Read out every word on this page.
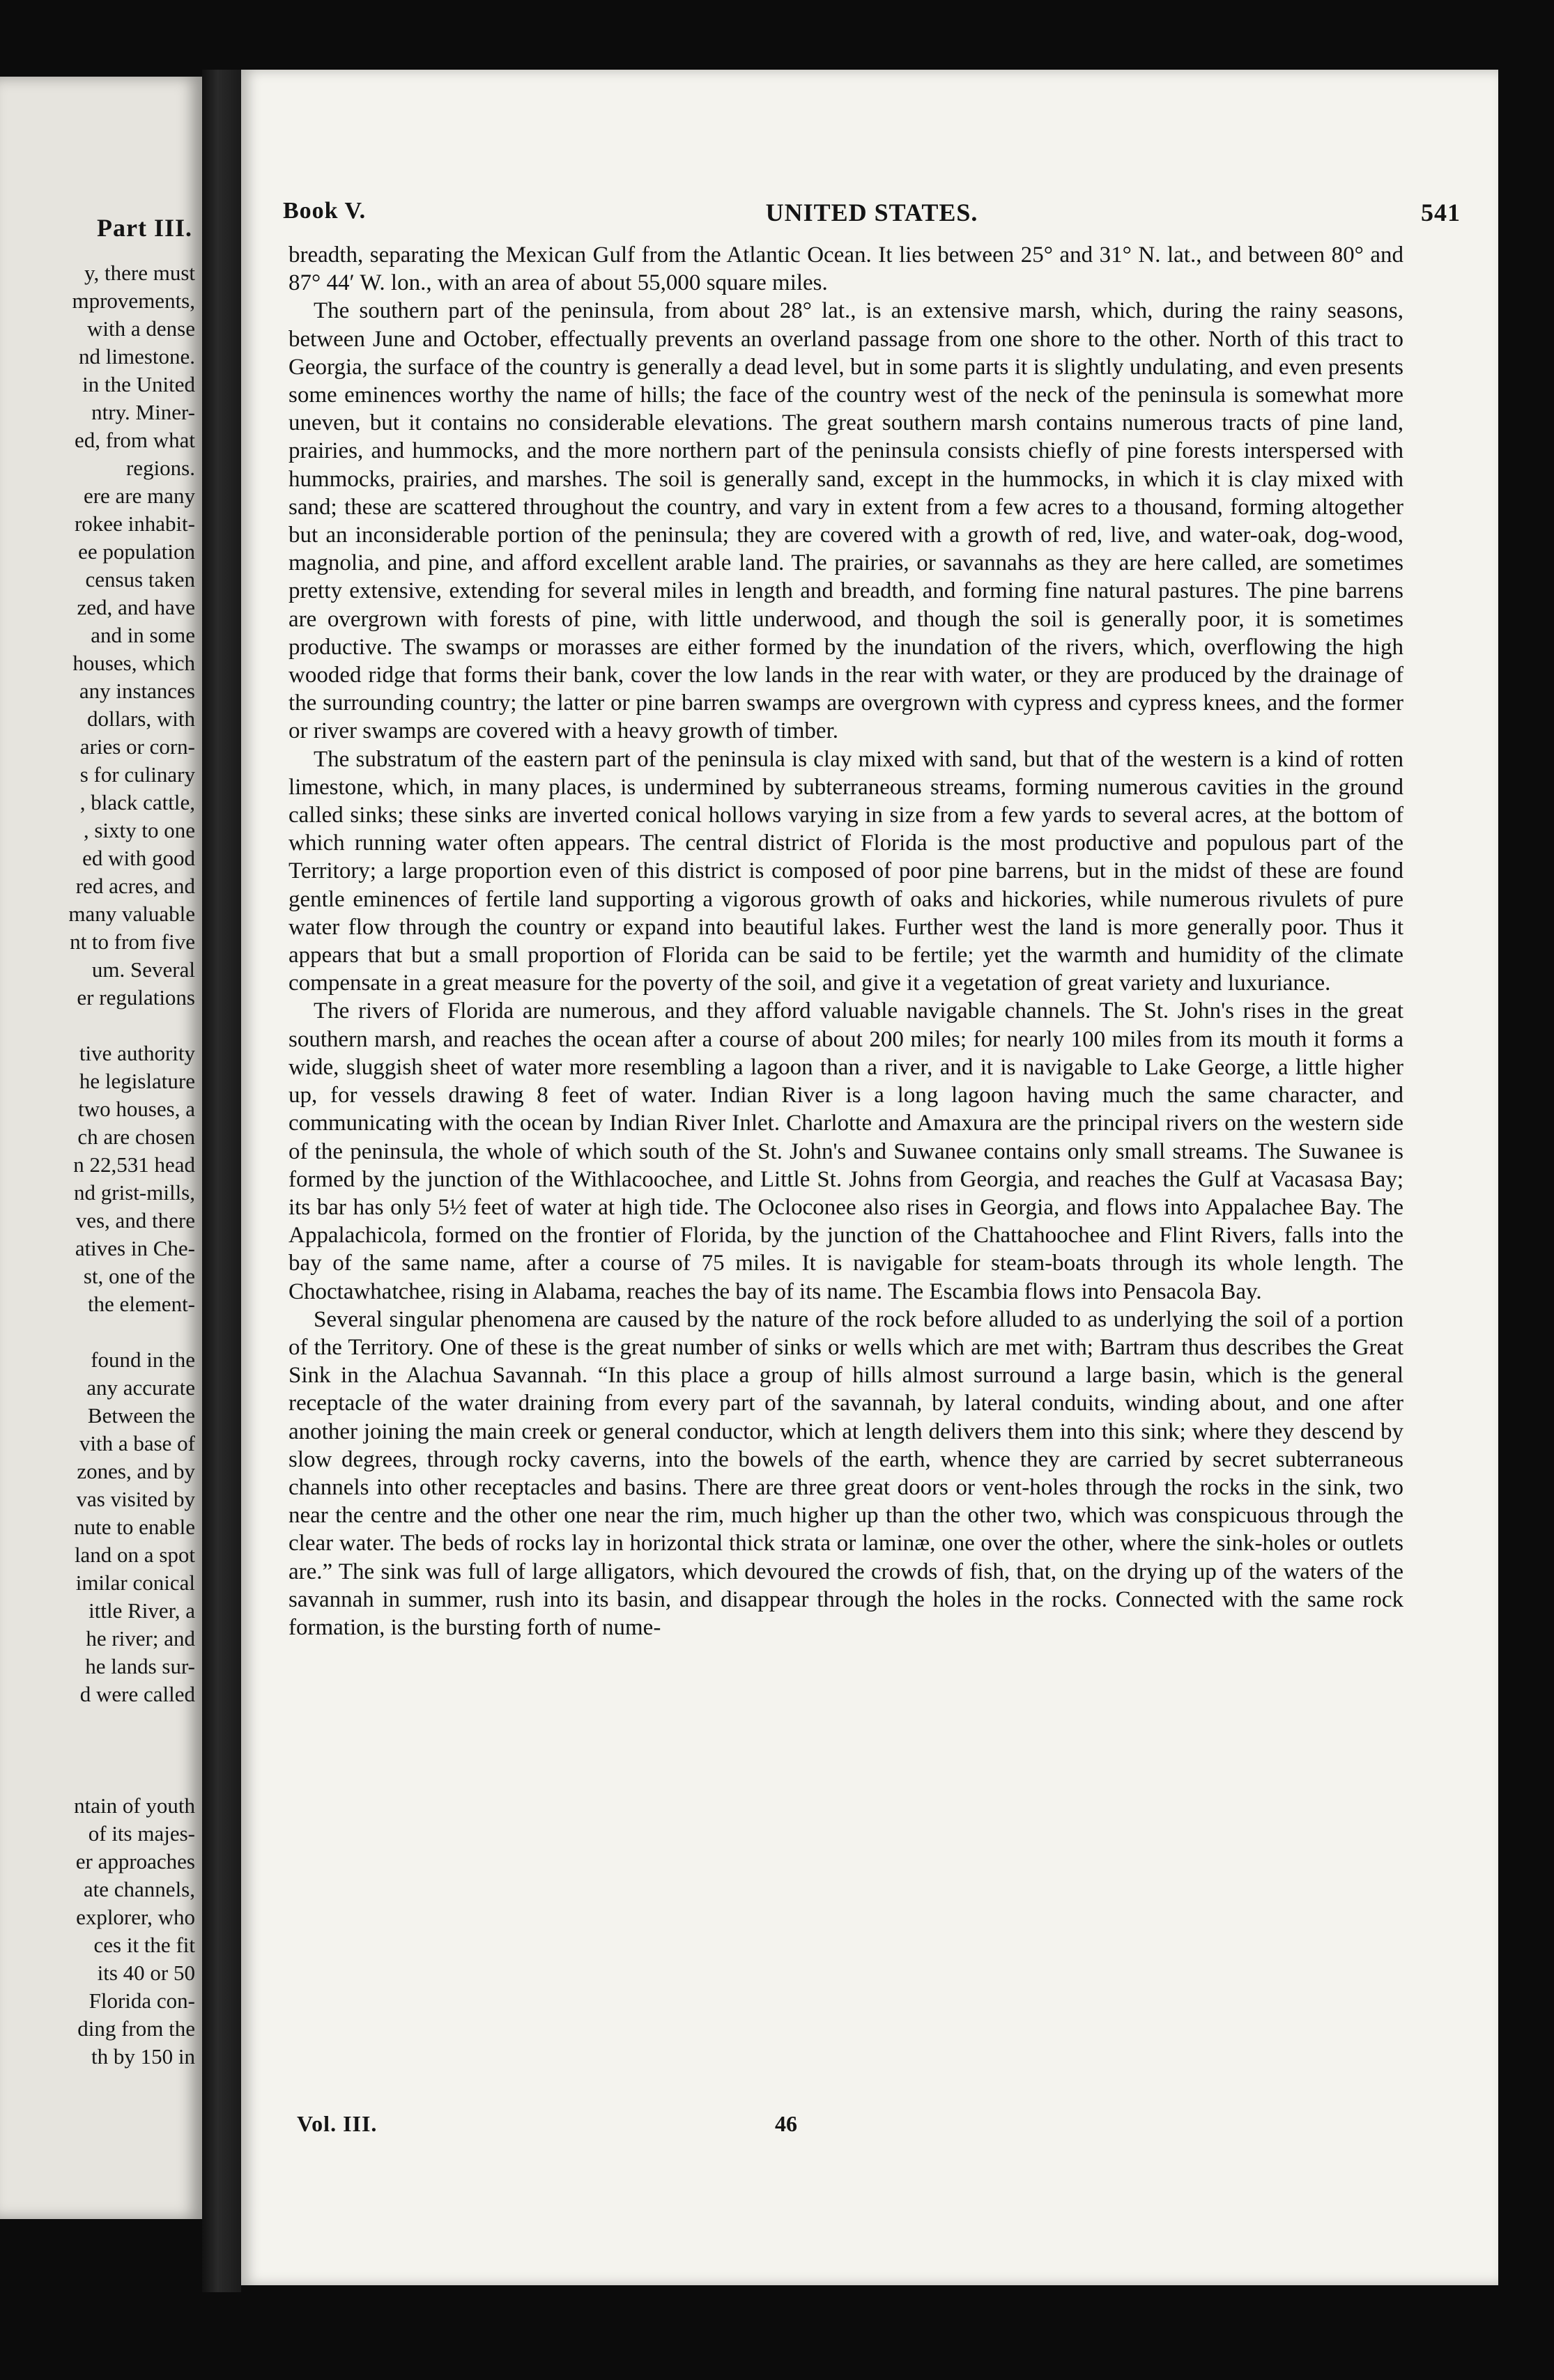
Part III.
y, there must
mprovements,
with a dense
nd limestone.
in the United
ntry. Miner-
ed, from what
regions.
ere are many
rokee inhabit-
ee population
census taken
zed, and have
and in some
houses, which
any instances
dollars, with
aries or corn-
s for culinary
, black cattle,
, sixty to one
ed with good
red acres, and
many valuable
nt to from five
um. Several
er regulations
tive authority
he legislature
two houses, a
ch are chosen
n 22,531 head
nd grist-mills,
ves, and there
atives in Che-
st, one of the
the element-
found in the
any accurate
Between the
vith a base of
zones, and by
vas visited by
nute to enable
land on a spot
imilar conical
ittle River, a
he river; and
he lands sur-
d were called
ntain of youth
of its majes-
er approaches
ate channels,
explorer, who
ces it the fit
its 40 or 50
Florida con-
ding from the
th by 150 in
Book V.	UNITED STATES.	541

breadth, separating the Mexican Gulf from the Atlantic Ocean. It lies between 25° and 31° N. lat., and between 80° and 87° 44′ W. lon., with an area of about 55,000 square miles.

The southern part of the peninsula, from about 28° lat., is an extensive marsh, which, during the rainy seasons, between June and October, effectually prevents an overland passage from one shore to the other. North of this tract to Georgia, the surface of the country is generally a dead level, but in some parts it is slightly undulating, and even presents some eminences worthy the name of hills; the face of the country west of the neck of the peninsula is somewhat more uneven, but it contains no considerable elevations. The great southern marsh contains numerous tracts of pine land, prairies, and hummocks, and the more northern part of the peninsula consists chiefly of pine forests interspersed with hummocks, prairies, and marshes. The soil is generally sand, except in the hummocks, in which it is clay mixed with sand; these are scattered throughout the country, and vary in extent from a few acres to a thousand, forming altogether but an inconsiderable portion of the peninsula; they are covered with a growth of red, live, and water-oak, dog-wood, magnolia, and pine, and afford excellent arable land. The prairies, or savannahs as they are here called, are sometimes pretty extensive, extending for several miles in length and breadth, and forming fine natural pastures. The pine barrens are overgrown with forests of pine, with little underwood, and though the soil is generally poor, it is sometimes productive. The swamps or morasses are either formed by the inundation of the rivers, which, overflowing the high wooded ridge that forms their bank, cover the low lands in the rear with water, or they are produced by the drainage of the surrounding country; the latter or pine barren swamps are overgrown with cypress and cypress knees, and the former or river swamps are covered with a heavy growth of timber.

The substratum of the eastern part of the peninsula is clay mixed with sand, but that of the western is a kind of rotten limestone, which, in many places, is undermined by subterraneous streams, forming numerous cavities in the ground called sinks; these sinks are inverted conical hollows varying in size from a few yards to several acres, at the bottom of which running water often appears. The central district of Florida is the most productive and populous part of the Territory; a large proportion even of this district is composed of poor pine barrens, but in the midst of these are found gentle eminences of fertile land supporting a vigorous growth of oaks and hickories, while numerous rivulets of pure water flow through the country or expand into beautiful lakes. Further west the land is more generally poor. Thus it appears that but a small proportion of Florida can be said to be fertile; yet the warmth and humidity of the climate compensate in a great measure for the poverty of the soil, and give it a vegetation of great variety and luxuriance.

The rivers of Florida are numerous, and they afford valuable navigable channels. The St. John's rises in the great southern marsh, and reaches the ocean after a course of about 200 miles; for nearly 100 miles from its mouth it forms a wide, sluggish sheet of water more resembling a lagoon than a river, and it is navigable to Lake George, a little higher up, for vessels drawing 8 feet of water. Indian River is a long lagoon having much the same character, and communicating with the ocean by Indian River Inlet. Charlotte and Amaxura are the principal rivers on the western side of the peninsula, the whole of which south of the St. John's and Suwanee contains only small streams. The Suwanee is formed by the junction of the Withlacoochee, and Little St. Johns from Georgia, and reaches the Gulf at Vacasasa Bay; its bar has only 5½ feet of water at high tide. The Ocloconee also rises in Georgia, and flows into Appalachee Bay. The Appalachicola, formed on the frontier of Florida, by the junction of the Chattahoochee and Flint Rivers, falls into the bay of the same name, after a course of 75 miles. It is navigable for steam-boats through its whole length. The Choctawhatchee, rising in Alabama, reaches the bay of its name. The Escambia flows into Pensacola Bay.

Several singular phenomena are caused by the nature of the rock before alluded to as underlying the soil of a portion of the Territory. One of these is the great number of sinks or wells which are met with; Bartram thus describes the Great Sink in the Alachua Savannah. “In this place a group of hills almost surround a large basin, which is the general receptacle of the water draining from every part of the savannah, by lateral conduits, winding about, and one after another joining the main creek or general conductor, which at length delivers them into this sink; where they descend by slow degrees, through rocky caverns, into the bowels of the earth, whence they are carried by secret subterraneous channels into other receptacles and basins. There are three great doors or vent-holes through the rocks in the sink, two near the centre and the other one near the rim, much higher up than the other two, which was conspicuous through the clear water. The beds of rocks lay in horizontal thick strata or laminæ, one over the other, where the sink-holes or outlets are.” The sink was full of large alligators, which devoured the crowds of fish, that, on the drying up of the waters of the savannah in summer, rush into its basin, and disappear through the holes in the rocks. Connected with the same rock formation, is the bursting forth of nume-

Vol. III.	46
